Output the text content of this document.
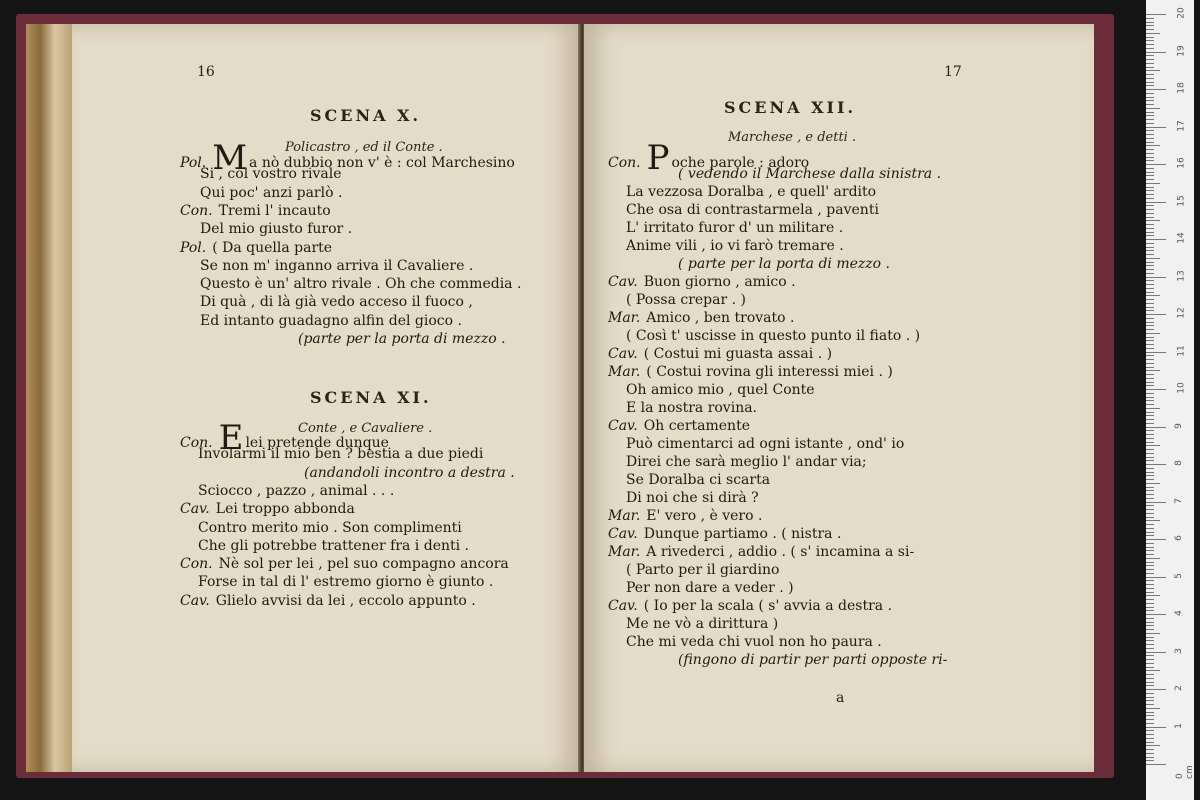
16
SCENA X.
Policastro , ed il Conte .
Pol. M a nò dubbio non v' è : col Marchesino
Si , col vostro rivale
Qui poc' anzi parlò .
Con. Tremi l' incauto
Del mio giusto furor .
Pol. ( Da quella parte
Se non m' inganno arriva il Cavaliere .
Questo è un' altro rivale . Oh che commedia .
Di quà , di là già vedo acceso il fuoco ,
Ed intanto guadagno alfin del gioco .
(parte per la porta di mezzo .
SCENA XI.
Conte , e Cavaliere .
Con. E lei pretende dunque
Involarmi il mio ben ? bestia a due piedi
(andandoli incontro a destra .
Sciocco , pazzo , animal . . .
Cav. Lei troppo abbonda
Contro merito mio . Son complimenti
Che gli potrebbe trattener fra i denti .
Con. Nè sol per lei , pel suo compagno ancora
Forse in tal di l' estremo giorno è giunto .
Cav. Glielo avvisi da lei , eccolo appunto .
17
SCENA XII.
Marchese , e detti .
Con. P oche parole : adoro
( vedendo il Marchese dalla sinistra .
La vezzosa Doralba , e quell' ardito
Che osa di contrastarmela , paventi
L' irritato furor d' un militare .
Anime vili , io vi farò tremare .
( parte per la porta di mezzo .
Cav. Buon giorno , amico .
( Possa crepar . )
Mar. Amico , ben trovato .
( Così t' uscisse in questo punto il fiato . )
Cav. ( Costui mi guasta assai . )
Mar. ( Costui rovina gli interessi miei . )
Oh amico mio , quel Conte
E la nostra rovina.
Cav. Oh certamente
Può cimentarci ad ogni istante , ond' io
Direi che sarà meglio l' andar via;
Se Doralba ci scarta
Di noi che si dirà ?
Mar. E' vero , è vero .
Cav. Dunque partiamo . ( nistra .
Mar. A rivederci , addio . ( s' incamina a si-
( Parto per il giardino
Per non dare a veder . )
Cav. ( Io per la scala ( s' avvia a destra .
Me ne vò a dirittura )
Che mi veda chi vuol non ho paura .
(fingono di partir per parti opposte ri-
a
0 cm
1
2
3
4
5
6
7
8
9
10
11
12
13
14
15
16
17
18
19
20
